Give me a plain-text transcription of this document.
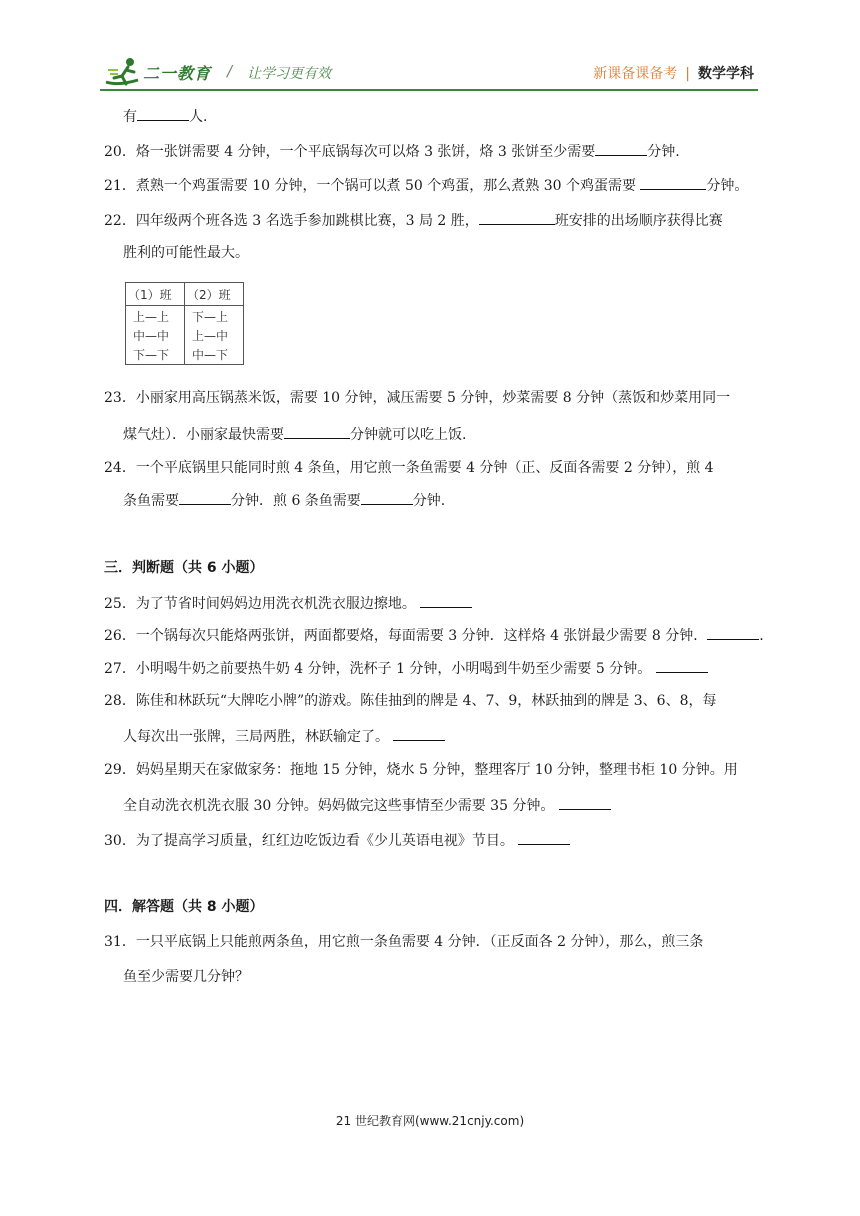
二一教育 / 让学习更有效	新课备课备考 | 数学学科
有	人.
20．烙一张饼需要 4 分钟，一个平底锅每次可以烙 3 张饼，烙 3 张饼至少需要	分钟.
21．煮熟一个鸡蛋需要 10 分钟，一个锅可以煮 50 个鸡蛋，那么煮熟 30 个鸡蛋需要	分钟。
22．四年级两个班各选 3 名选手参加跳棋比赛，3 局 2 胜，	班安排的出场顺序获得比赛
胜利的可能性最大。
（1）班 （2）班
上—上 下—上
中—中 上—中
下—下 中—下
23．小丽家用高压锅蒸米饭，需要 10 分钟，减压需要 5 分钟，炒菜需要 8 分钟（蒸饭和炒菜用同一
煤气灶）．小丽家最快需要	分钟就可以吃上饭.
24．一个平底锅里只能同时煎 4 条鱼，用它煎一条鱼需要 4 分钟（正、反面各需要 2 分钟），煎 4
条鱼需要	分钟．煎 6 条鱼需要	分钟.
三．判断题（共 6 小题）
25．为了节省时间妈妈边用洗衣机洗衣服边擦地。
26．一个锅每次只能烙两张饼，两面都要烙，每面需要 3 分钟．这样烙 4 张饼最少需要 8 分钟．	.
27．小明喝牛奶之前要热牛奶 4 分钟，洗杯子 1 分钟，小明喝到牛奶至少需要 5 分钟。
28．陈佳和林跃玩“大牌吃小牌”的游戏。陈佳抽到的牌是 4、7、9，林跃抽到的牌是 3、6、8，每
人每次出一张牌，三局两胜，林跃输定了。
29．妈妈星期天在家做家务：拖地 15 分钟，烧水 5 分钟，整理客厅 10 分钟，整理书柜 10 分钟。用
全自动洗衣机洗衣服 30 分钟。妈妈做完这些事情至少需要 35 分钟。
30．为了提高学习质量，红红边吃饭边看《少儿英语电视》节目。
四．解答题（共 8 小题）
31．一只平底锅上只能煎两条鱼，用它煎一条鱼需要 4 分钟．（正反面各 2 分钟），那么，煎三条
鱼至少需要几分钟？
21 世纪教育网(www.21cnjy.com)
